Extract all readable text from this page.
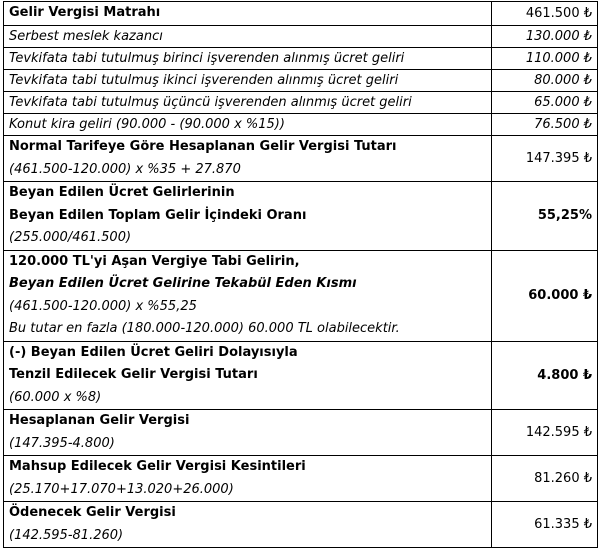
Gelir Vergisi Matrahı	461.500 ₺

Serbest meslek kazancı	130.000 ₺

Tevkifata tabi tutulmuş birinci işverenden alınmış ücret geliri	110.000 ₺

Tevkifata tabi tutulmuş ikinci işverenden alınmış ücret geliri	80.000 ₺

Tevkifata tabi tutulmuş üçüncü işverenden alınmış ücret geliri	65.000 ₺

Konut kira geliri (90.000 - (90.000 x %15))	76.500 ₺

Normal Tarifeye Göre Hesaplanan Gelir Vergisi Tutarı
(461.500-120.000) x %35 + 27.870	147.395 ₺

Beyan Edilen Ücret Gelirlerinin
Beyan Edilen Toplam Gelir İçindeki Oranı
(255.000/461.500)	55,25%

120.000 TL'yi Aşan Vergiye Tabi Gelirin,
Beyan Edilen Ücret Gelirine Tekabül Eden Kısmı
(461.500-120.000) x %55,25
Bu tutar en fazla (180.000-120.000) 60.000 TL olabilecektir.	60.000 ₺

(-) Beyan Edilen Ücret Geliri Dolayısıyla
Tenzil Edilecek Gelir Vergisi Tutarı
(60.000 x %8)	4.800 ₺

Hesaplanan Gelir Vergisi
(147.395-4.800)	142.595 ₺

Mahsup Edilecek Gelir Vergisi Kesintileri
(25.170+17.070+13.020+26.000)	81.260 ₺

Ödenecek Gelir Vergisi
(142.595-81.260)	61.335 ₺
